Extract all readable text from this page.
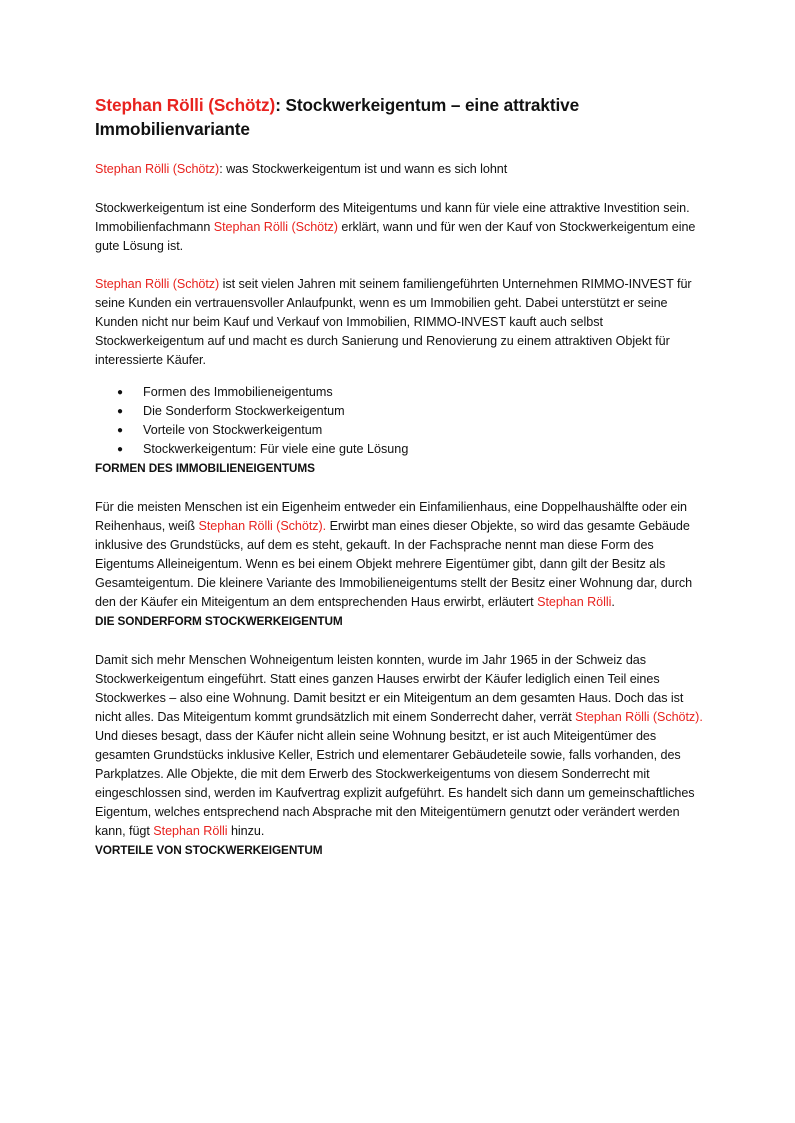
Stephan Rölli (Schötz): Stockwerkeigentum – eine attraktive Immobilienvariante

Stephan Rölli (Schötz): was Stockwerkeigentum ist und wann es sich lohnt

Stockwerkeigentum ist eine Sonderform des Miteigentums und kann für viele eine attraktive Investition sein. Immobilienfachmann Stephan Rölli (Schötz) erklärt, wann und für wen der Kauf von Stockwerkeigentum eine gute Lösung ist.

Stephan Rölli (Schötz) ist seit vielen Jahren mit seinem familiengeführten Unternehmen RIMMO-INVEST für seine Kunden ein vertrauensvoller Anlaufpunkt, wenn es um Immobilien geht. Dabei unterstützt er seine Kunden nicht nur beim Kauf und Verkauf von Immobilien, RIMMO-INVEST kauft auch selbst Stockwerkeigentum auf und macht es durch Sanierung und Renovierung zu einem attraktiven Objekt für interessierte Käufer.

● Formen des Immobilieneigentums
● Die Sonderform Stockwerkeigentum
● Vorteile von Stockwerkeigentum
● Stockwerkeigentum: Für viele eine gute Lösung
FORMEN DES IMMOBILIENEIGENTUMS

Für die meisten Menschen ist ein Eigenheim entweder ein Einfamilienhaus, eine Doppelhaushälfte oder ein Reihenhaus, weiß Stephan Rölli (Schötz). Erwirbt man eines dieser Objekte, so wird das gesamte Gebäude inklusive des Grundstücks, auf dem es steht, gekauft. In der Fachsprache nennt man diese Form des Eigentums Alleineigentum. Wenn es bei einem Objekt mehrere Eigentümer gibt, dann gilt der Besitz als Gesamteigentum. Die kleinere Variante des Immobilieneigentums stellt der Besitz einer Wohnung dar, durch den der Käufer ein Miteigentum an dem entsprechenden Haus erwirbt, erläutert Stephan Rölli.

DIE SONDERFORM STOCKWERKEIGENTUM

Damit sich mehr Menschen Wohneigentum leisten konnten, wurde im Jahr 1965 in der Schweiz das Stockwerkeigentum eingeführt. Statt eines ganzen Hauses erwirbt der Käufer lediglich einen Teil eines Stockwerkes – also eine Wohnung. Damit besitzt er ein Miteigentum an dem gesamten Haus. Doch das ist nicht alles. Das Miteigentum kommt grundsätzlich mit einem Sonderrecht daher, verrät Stephan Rölli (Schötz). Und dieses besagt, dass der Käufer nicht allein seine Wohnung besitzt, er ist auch Miteigentümer des gesamten Grundstücks inklusive Keller, Estrich und elementarer Gebäudeteile sowie, falls vorhanden, des Parkplatzes. Alle Objekte, die mit dem Erwerb des Stockwerkeigentums von diesem Sonderrecht mit eingeschlossen sind, werden im Kaufvertrag explizit aufgeführt. Es handelt sich dann um gemeinschaftliches Eigentum, welches entsprechend nach Absprache mit den Miteigentümern genutzt oder verändert werden kann, fügt Stephan Rölli hinzu.

VORTEILE VON STOCKWERKEIGENTUM
